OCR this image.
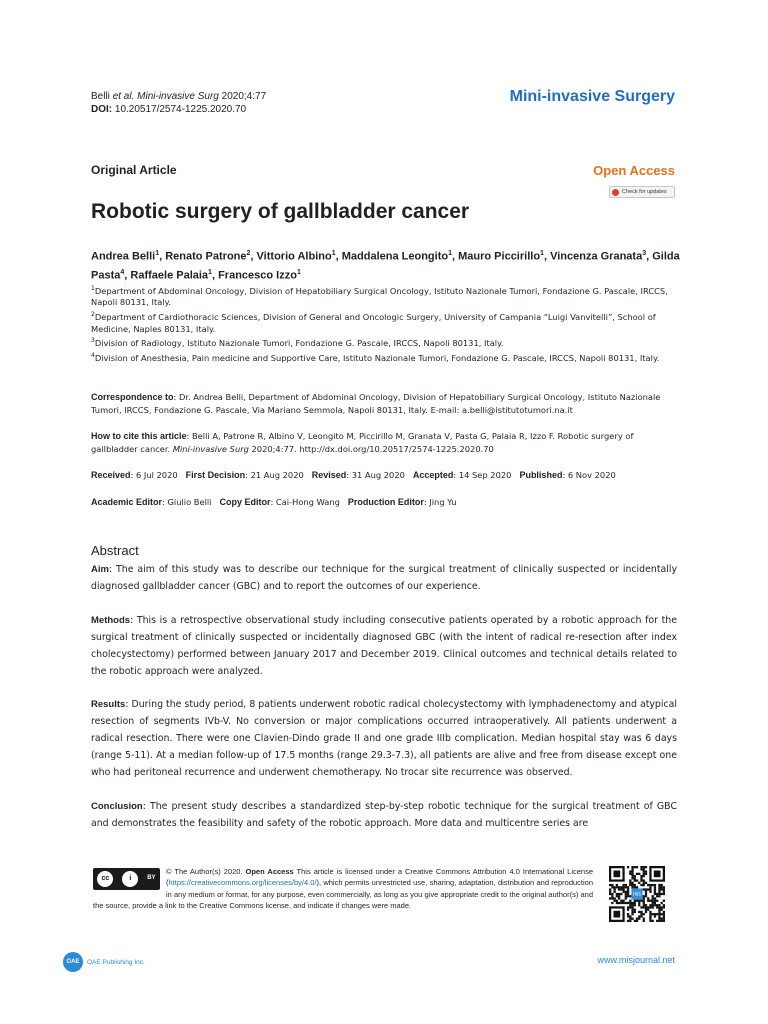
Belli et al. Mini-invasive Surg 2020;4:77
DOI: 10.20517/2574-1225.2020.70
Mini-invasive Surgery
Original Article	Open Access
Check for updates
Robotic surgery of gallbladder cancer
Andrea Belli$^1$, Renato Patrone$^2$, Vittorio Albino$^1$, Maddalena Leongito$^1$, Mauro Piccirillo$^1$, Vincenza Granata$^3$, Gilda Pasta$^4$, Raffaele Palaia$^1$, Francesco Izzo$^1$

$^1$Department of Abdominal Oncology, Division of Hepatobiliary Surgical Oncology, Istituto Nazionale Tumori, Fondazione G. Pascale, IRCCS, Napoli 80131, Italy.

$^2$Department of Cardiothoracic Sciences, Division of General and Oncologic Surgery, University of Campania “Luigi Vanvitelli”, School of Medicine, Naples 80131, Italy.

$^3$Division of Radiology, Istituto Nazionale Tumori, Fondazione G. Pascale, IRCCS, Napoli 80131, Italy.

$^4$Division of Anesthesia, Pain medicine and Supportive Care, Istituto Nazionale Tumori, Fondazione G. Pascale, IRCCS, Napoli 80131, Italy.

Correspondence to: Dr. Andrea Belli, Department of Abdominal Oncology, Division of Hepatobiliary Surgical Oncology, Istituto Nazionale Tumori, IRCCS, Fondazione G. Pascale, Via Mariano Semmola, Napoli 80131, Italy. E-mail: a.belli@istitutotumori.na.it

How to cite this article: Belli A, Patrone R, Albino V, Leongito M, Piccirillo M, Granata V, Pasta G, Palaia R, Izzo F. Robotic surgery of gallbladder cancer. Mini-invasive Surg 2020;4:77. http://dx.doi.org/10.20517/2574-1225.2020.70

Received: 6 Jul 2020 First Decision: 21 Aug 2020 Revised: 31 Aug 2020 Accepted: 14 Sep 2020 Published: 6 Nov 2020
Academic Editor: Giulio Belli Copy Editor: Cai-Hong Wang Production Editor: Jing Yu
Abstract

Aim: The aim of this study was to describe our technique for the surgical treatment of clinically suspected or incidentally diagnosed gallbladder cancer (GBC) and to report the outcomes of our experience.

Methods: This is a retrospective observational study including consecutive patients operated by a robotic approach for the surgical treatment of clinically suspected or incidentally diagnosed GBC (with the intent of radical re-resection after index cholecystectomy) performed between January 2017 and December 2019. Clinical outcomes and technical details related to the robotic approach were analyzed.

Results: During the study period, 8 patients underwent robotic radical cholecystectomy with lymphadenectomy and atypical resection of segments IVb-V. No conversion or major complications occurred intraoperatively. All patients underwent a radical resection. There were one Clavien-Dindo grade II and one grade IIIb complication. Median hospital stay was 6 days (range 5-11). At a median follow-up of 17.5 months (range 29.3-7.3), all patients are alive and free from disease except one who had peritoneal recurrence and underwent chemotherapy. No trocar site recurrence was observed.

Conclusion: The present study describes a standardized step-by-step robotic technique for the surgical treatment of GBC and demonstrates the feasibility and safety of the robotic approach. More data and multicentre series are

cc	i	BY

© The Author(s) 2020. Open Access This article is licensed under a Creative Commons Attribution 4.0 International License (https://creativecommons.org/licenses/by/4.0/), which permits unrestricted use, sharing, adaptation, distribution and reproduction in any medium or format, for any purpose, even commercially, as long as you give appropriate credit to the original author(s) and the source, provide a link to the Creative Commons license, and indicate if changes were made.

mis
OAE	OAE Publishing Inc.	www.misjournal.net
